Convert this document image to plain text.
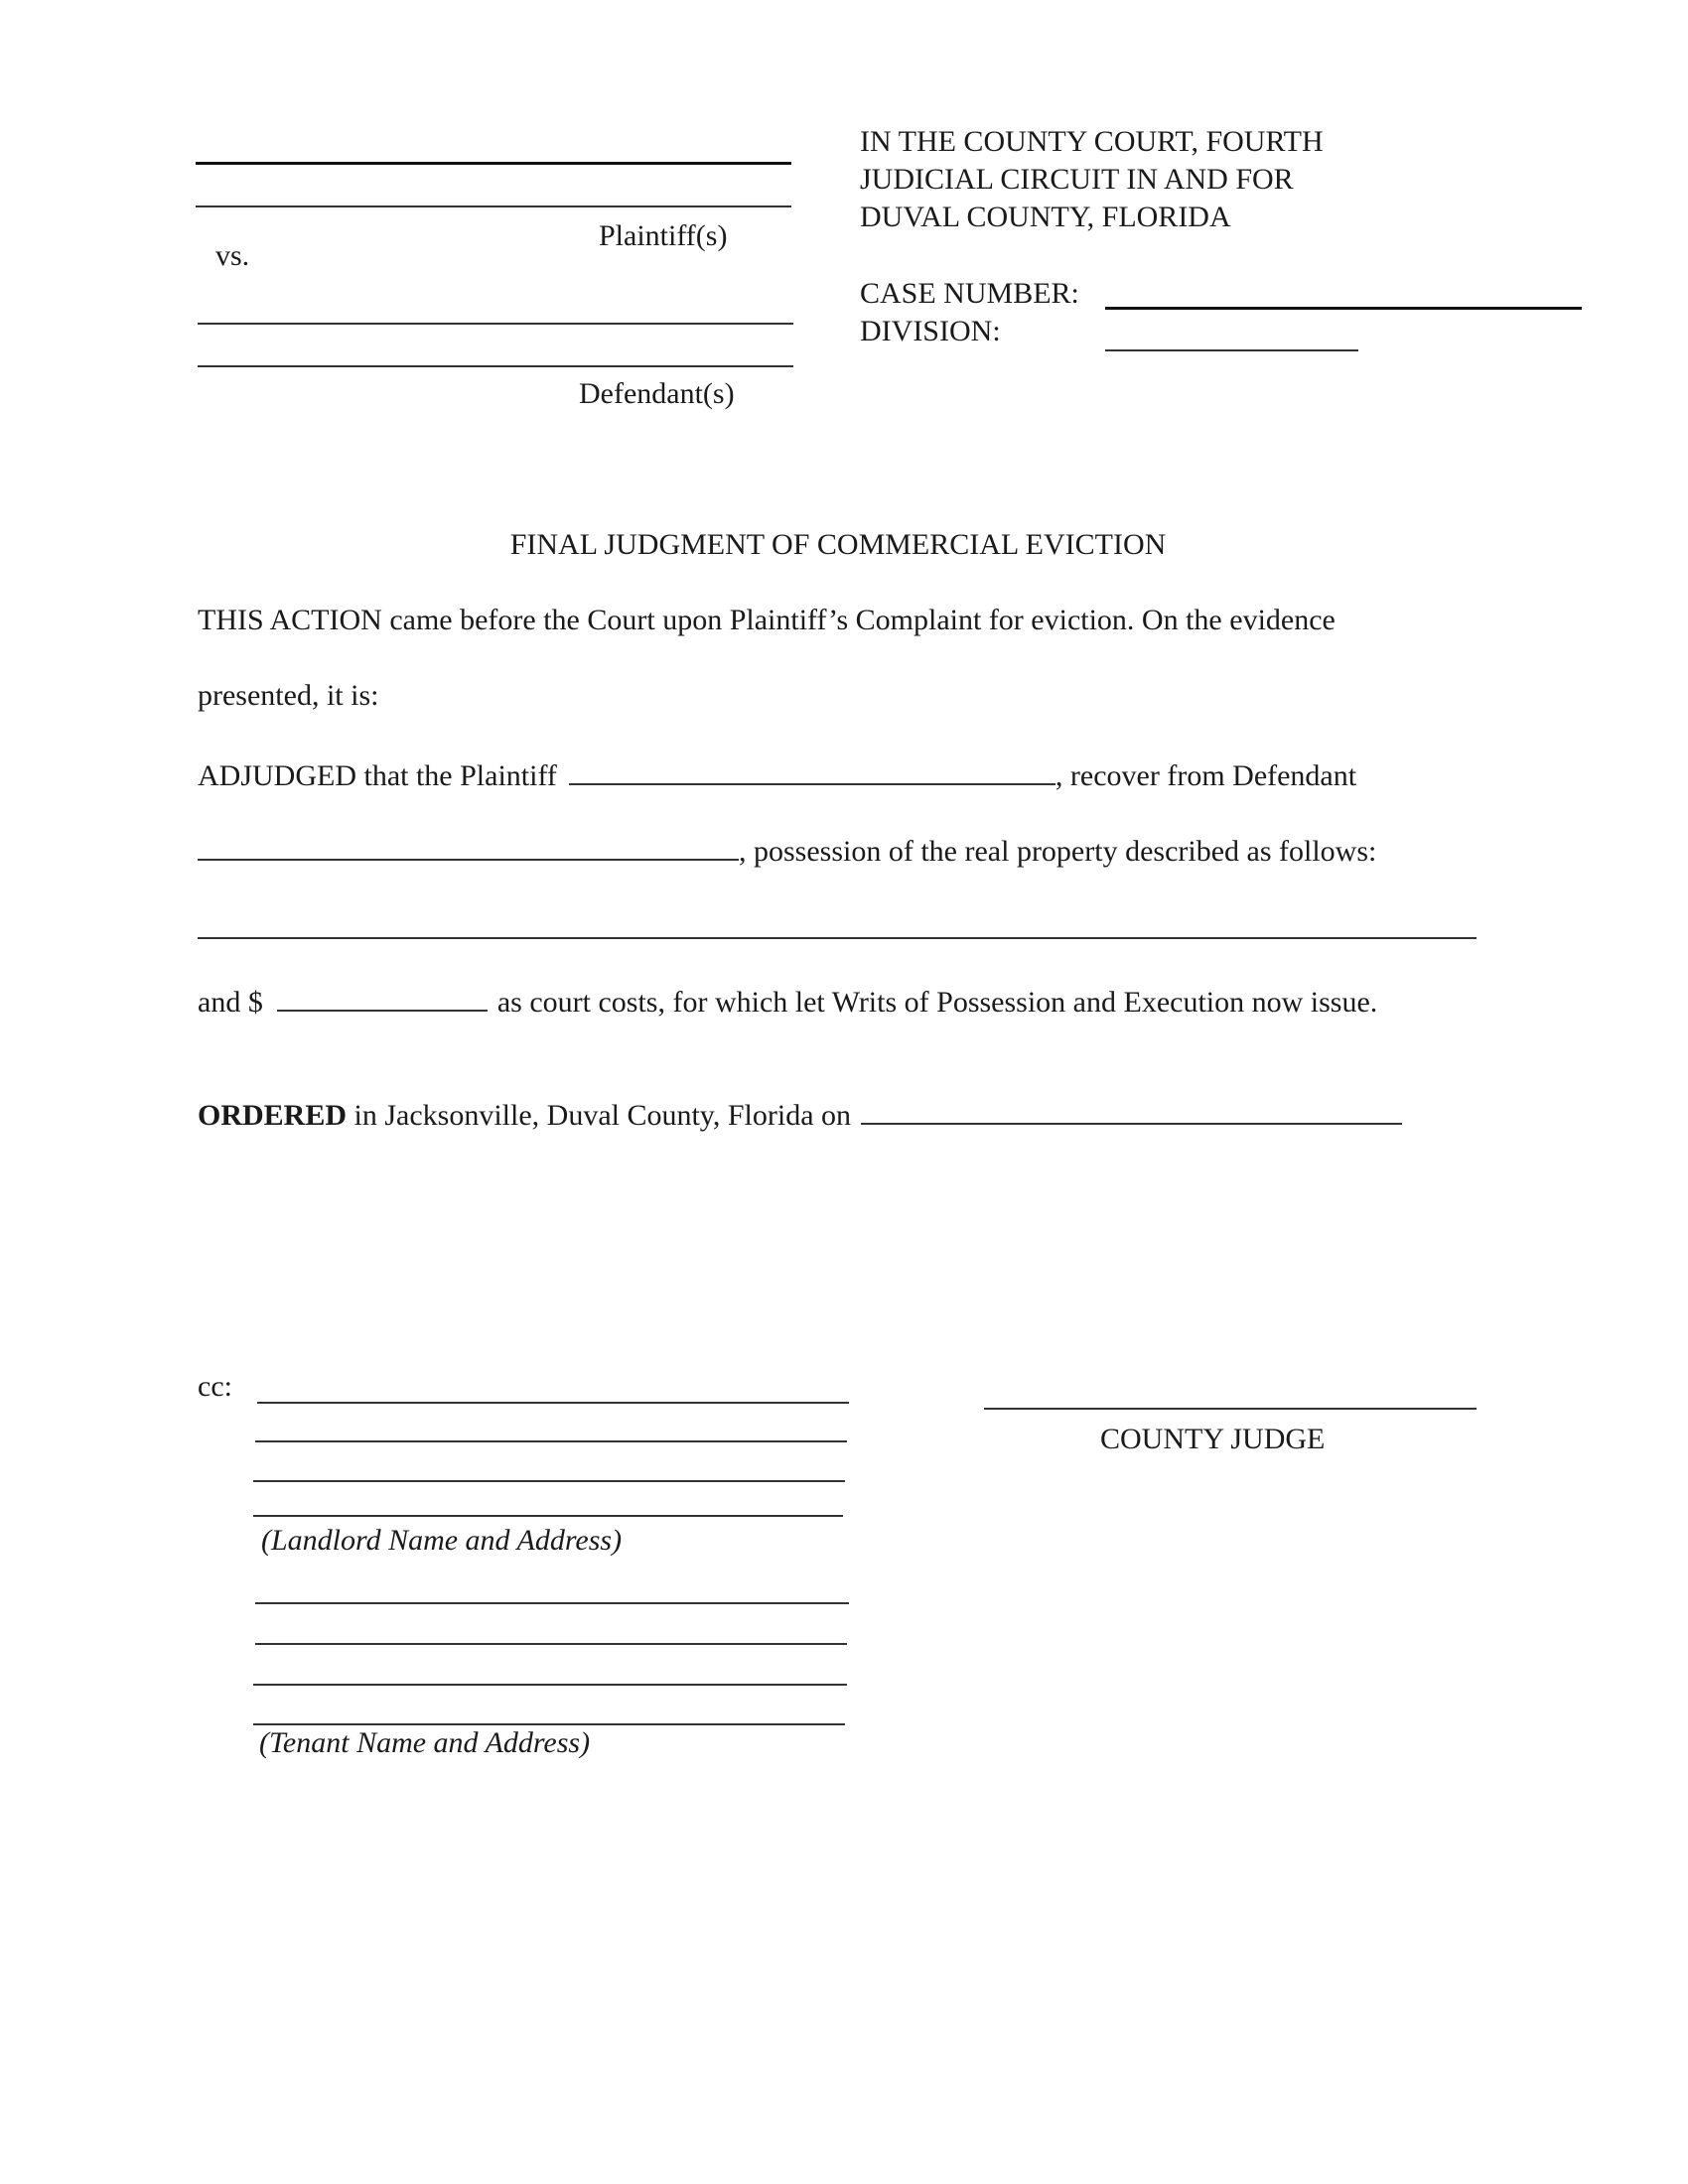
Plaintiff(s)
vs.
Defendant(s)
IN THE COUNTY COURT, FOURTH
JUDICIAL CIRCUIT IN AND FOR
DUVAL COUNTY, FLORIDA
CASE NUMBER:
DIVISION:
FINAL JUDGMENT OF COMMERCIAL EVICTION
THIS ACTION came before the Court upon Plaintiff’s Complaint for eviction. On the evidence
presented, it is:
ADJUDGED that the Plaintiff	, recover from Defendant
, possession of the real property described as follows:
and $	as court costs, for which let Writs of Possession and Execution now issue.
ORDERED in Jacksonville, Duval County, Florida on
cc:
(Landlord Name and Address)
(Tenant Name and Address)
COUNTY JUDGE
